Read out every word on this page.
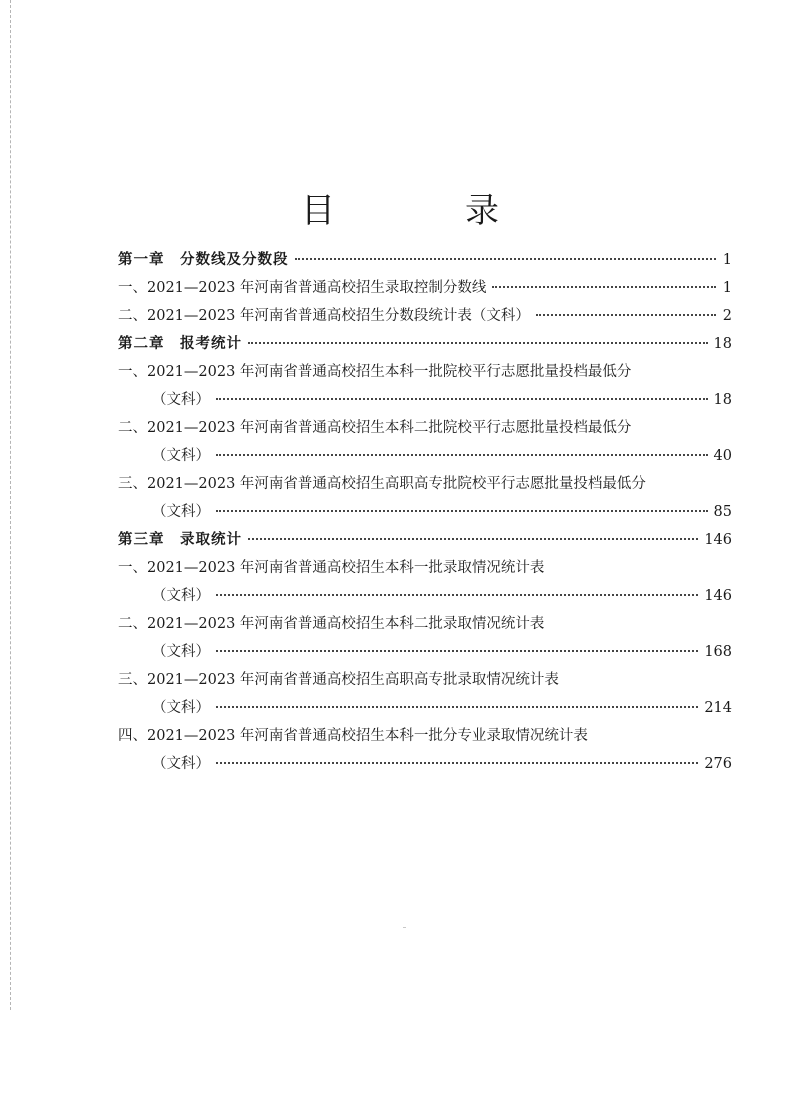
目　录
第一章　分数线及分数段	1
一、2021—2023 年河南省普通高校招生录取控制分数线	1
二、2021—2023 年河南省普通高校招生分数段统计表（文科）	2
第二章　报考统计	18
一、2021—2023 年河南省普通高校招生本科一批院校平行志愿批量投档最低分
（文科）	18
二、2021—2023 年河南省普通高校招生本科二批院校平行志愿批量投档最低分
（文科）	40
三、2021—2023 年河南省普通高校招生高职高专批院校平行志愿批量投档最低分
（文科）	85
第三章　录取统计	146
一、2021—2023 年河南省普通高校招生本科一批录取情况统计表
（文科）	146
二、2021—2023 年河南省普通高校招生本科二批录取情况统计表
（文科）	168
三、2021—2023 年河南省普通高校招生高职高专批录取情况统计表
（文科）	214
四、2021—2023 年河南省普通高校招生本科一批分专业录取情况统计表
（文科）	276
